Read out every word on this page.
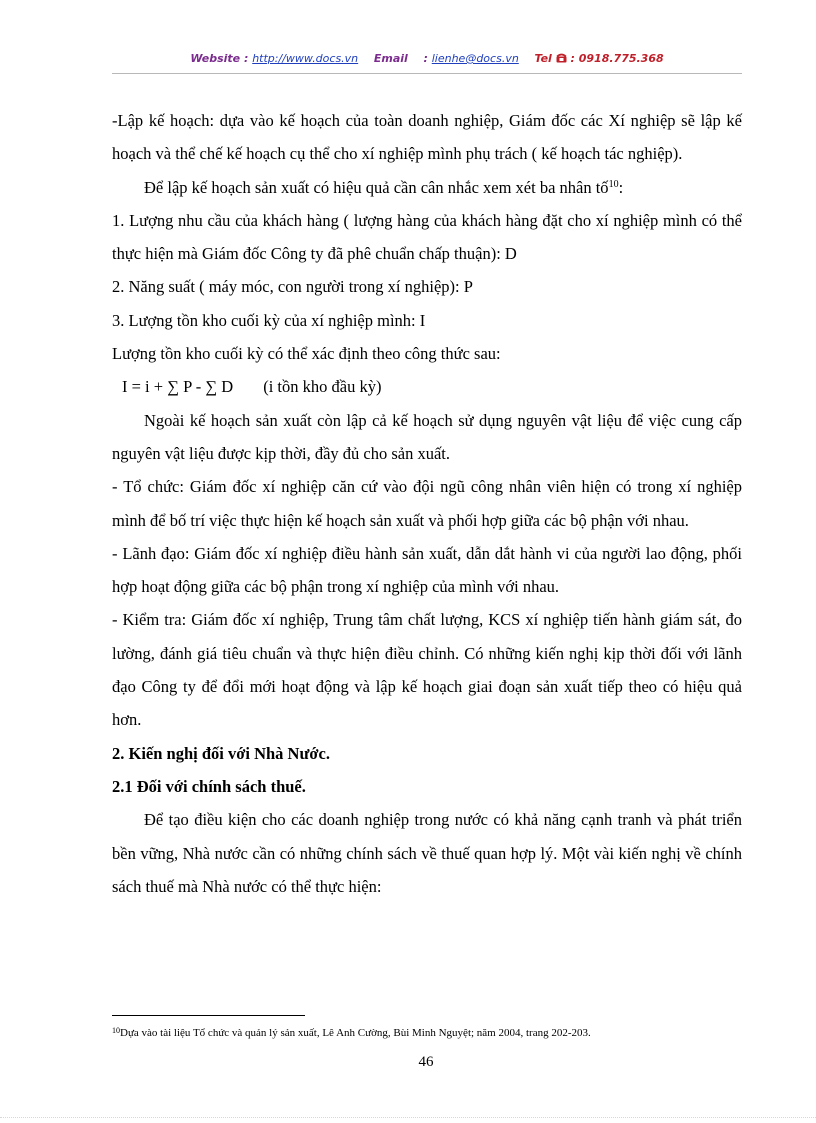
Website : http://www.docs.vn Email : lienhe@docs.vn Tel : 0918.775.368

-Lập kế hoạch: dựa vào kế hoạch của toàn doanh nghiệp, Giám đốc các Xí nghiệp sẽ lập kế hoạch và thể chế kế hoạch cụ thể cho xí nghiệp mình phụ trách ( kế hoạch tác nghiệp).

Để lập kế hoạch sản xuất có hiệu quả cần cân nhắc xem xét ba nhân tố$^{10}$:

1. Lượng nhu cầu của khách hàng ( lượng hàng của khách hàng đặt cho xí nghiệp mình có thể thực hiện mà Giám đốc Công ty đã phê chuẩn chấp thuận): D

2. Năng suất ( máy móc, con người trong xí nghiệp): P

3. Lượng tồn kho cuối kỳ của xí nghiệp mình: I

Lượng tồn kho cuối kỳ có thể xác định theo công thức sau:

I = i + ∑ P - ∑ D (i tồn kho đầu kỳ)

Ngoài kế hoạch sản xuất còn lập cả kế hoạch sử dụng nguyên vật liệu để việc cung cấp nguyên vật liệu được kịp thời, đầy đủ cho sản xuất.

- Tổ chức: Giám đốc xí nghiệp căn cứ vào đội ngũ công nhân viên hiện có trong xí nghiệp mình để bố trí việc thực hiện kế hoạch sản xuất và phối hợp giữa các bộ phận với nhau.

- Lãnh đạo: Giám đốc xí nghiệp điều hành sản xuất, dẫn dắt hành vi của người lao động, phối hợp hoạt động giữa các bộ phận trong xí nghiệp của mình với nhau.

- Kiểm tra: Giám đốc xí nghiệp, Trung tâm chất lượng, KCS xí nghiệp tiến hành giám sát, đo lường, đánh giá tiêu chuẩn và thực hiện điều chỉnh. Có những kiến nghị kịp thời đối với lãnh đạo Công ty để đổi mới hoạt động và lập kế hoạch giai đoạn sản xuất tiếp theo có hiệu quả hơn.

2. Kiến nghị đối với Nhà Nước.

2.1 Đối với chính sách thuế.

Để tạo điều kiện cho các doanh nghiệp trong nước có khả năng cạnh tranh và phát triển bền vững, Nhà nước cần có những chính sách về thuế quan hợp lý. Một vài kiến nghị về chính sách thuế mà Nhà nước có thể thực hiện:

$^{10}$Dựa vào tài liệu Tổ chức và quản lý sản xuất, Lê Anh Cường, Bùi Minh Nguyệt; năm 2004, trang 202-203.
46
